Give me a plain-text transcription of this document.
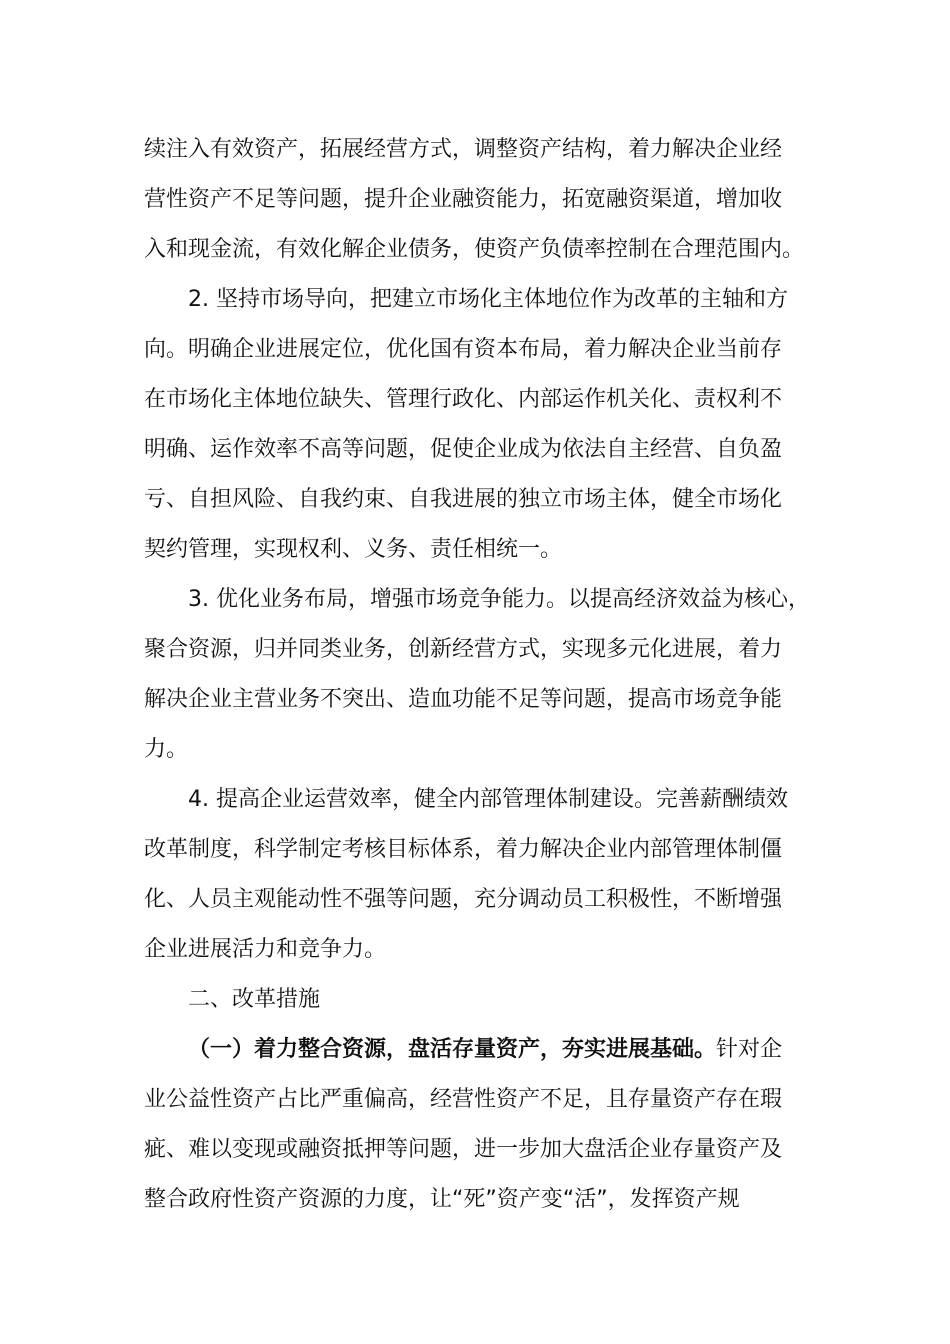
续注入有效资产，拓展经营方式，调整资产结构，着力解决企业经
营性资产不足等问题，提升企业融资能力，拓宽融资渠道，增加收
入和现金流，有效化解企业债务，使资产负债率控制在合理范围内。
2. 坚持市场导向，把建立市场化主体地位作为改革的主轴和方
向。明确企业进展定位，优化国有资本布局，着力解决企业当前存
在市场化主体地位缺失、管理行政化、内部运作机关化、责权利不
明确、运作效率不高等问题，促使企业成为依法自主经营、自负盈
亏、自担风险、自我约束、自我进展的独立市场主体，健全市场化
契约管理，实现权利、义务、责任相统一。
3. 优化业务布局，增强市场竞争能力。以提高经济效益为核心，
聚合资源，归并同类业务，创新经营方式，实现多元化进展，着力
解决企业主营业务不突出、造血功能不足等问题，提高市场竞争能
力。
4. 提高企业运营效率，健全内部管理体制建设。完善薪酬绩效
改革制度，科学制定考核目标体系，着力解决企业内部管理体制僵
化、人员主观能动性不强等问题，充分调动员工积极性，不断增强
企业进展活力和竞争力。
二、改革措施
（一）着力整合资源，盘活存量资产，夯实进展基础。针对企
业公益性资产占比严重偏高，经营性资产不足，且存量资产存在瑕
疵、难以变现或融资抵押等问题，进一步加大盘活企业存量资产及
整合政府性资产资源的力度，让“死”资产变“活”，发挥资产规
